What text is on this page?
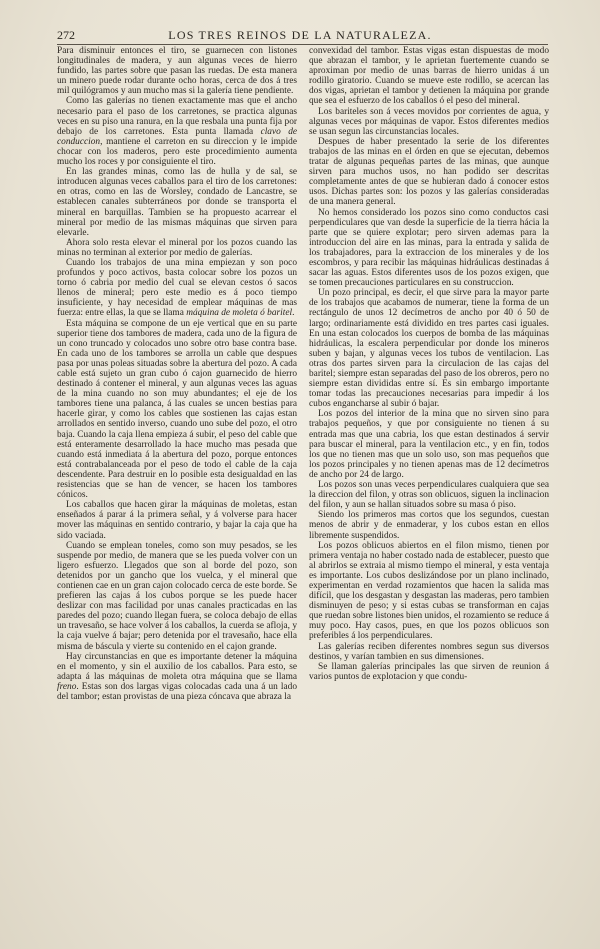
272	LOS TRES REINOS DE LA NATURALEZA.

Para disminuir entonces el tiro, se guarnecen con listones longitudinales de madera, y aun algunas veces de hierro fundido, las partes sobre que pasan las ruedas. De esta manera un minero puede rodar durante ocho horas, cerca de dos á tres mil quilógramos y aun mucho mas si la galería tiene pendiente.

Como las galerías no tienen exactamente mas que el ancho necesario para el paso de los carretones, se practica algunas veces en su piso una ranura, en la que resbala una punta fija por debajo de los carretones. Esta punta llamada clavo de conduccion, mantiene el carreton en su direccion y le impide chocar con los maderos, pero este procedimiento aumenta mucho los roces y por consiguiente el tiro.

En las grandes minas, como las de hulla y de sal, se introducen algunas veces caballos para el tiro de los carretones: en otras, como en las de Worsley, condado de Lancastre, se establecen canales subterráneos por donde se transporta el mineral en barquillas. Tambien se ha propuesto acarrear el mineral por medio de las mismas máquinas que sirven para elevarle.

Ahora solo resta elevar el mineral por los pozos cuando las minas no terminan al exterior por medio de galerías.

Cuando los trabajos de una mina empiezan y son poco profundos y poco activos, basta colocar sobre los pozos un torno ó cabria por medio del cual se elevan cestos ó sacos llenos de mineral; pero este medio es á poco tiempo insuficiente, y hay necesidad de emplear máquinas de mas fuerza: entre ellas, la que se llama máquina de moleta ó baritel.

Esta máquina se compone de un eje vertical que en su parte superior tiene dos tambores de madera, cada uno de la figura de un cono truncado y colocados uno sobre otro base contra base. En cada uno de los tambores se arrolla un cable que despues pasa por unas poleas situadas sobre la abertura del pozo. A cada cable está sujeto un gran cubo ó cajon guarnecido de hierro destinado á contener el mineral, y aun algunas veces las aguas de la mina cuando no son muy abundantes; el eje de los tambores tiene una palanca, á las cuales se uncen bestias para hacerle girar, y como los cables que sostienen las cajas estan arrollados en sentido inverso, cuando uno sube del pozo, el otro baja. Cuando la caja llena empieza á subir, el peso del cable que está enteramente desarrollado la hace mucho mas pesada que cuando está inmediata á la abertura del pozo, porque entonces está contrabalanceada por el peso de todo el cable de la caja descendente. Para destruir en lo posible esta desigualdad en las resistencias que se han de vencer, se hacen los tambores cónicos.

Los caballos que hacen girar la máquinas de moletas, estan enseñados á parar á la primera señal, y á volverse para hacer mover las máquinas en sentido contrario, y bajar la caja que ha sido vaciada.

Cuando se emplean toneles, como son muy pesados, se les suspende por medio, de manera que se les pueda volver con un ligero esfuerzo. Llegados que son al borde del pozo, son detenidos por un gancho que los vuelca, y el mineral que contienen cae en un gran cajon colocado cerca de este borde. Se prefieren las cajas á los cubos porque se les puede hacer deslizar con mas facilidad por unas canales practicadas en las paredes del pozo; cuando llegan fuera, se coloca debajo de ellas un travesaño, se hace volver á los caballos, la cuerda se afloja, y la caja vuelve á bajar; pero detenida por el travesaño, hace ella misma de báscula y vierte su contenido en el cajon grande.

Hay circunstancias en que es importante detener la máquina en el momento, y sin el auxilio de los caballos. Para esto, se adapta á las máquinas de moleta otra máquina que se llama freno. Estas son dos largas vigas colocadas cada una á un lado del tambor; estan provistas de una pieza cóncava que abraza la

convexidad del tambor. Estas vigas estan dispuestas de modo que abrazan el tambor, y le aprietan fuertemente cuando se aproximan por medio de unas barras de hierro unidas á un rodillo giratorio. Cuando se mueve este rodillo, se acercan las dos vigas, aprietan el tambor y detienen la máquina por grande que sea el esfuerzo de los caballos ó el peso del mineral.

Los bariteles son á veces movidos por corrientes de agua, y algunas veces por máquinas de vapor. Estos diferentes medios se usan segun las circunstancias locales.

Despues de haber presentado la serie de los diferentes trabajos de las minas en el órden en que se ejecutan, debemos tratar de algunas pequeñas partes de las minas, que aunque sirven para muchos usos, no han podido ser descritas completamente antes de que se hubieran dado á conocer estos usos. Dichas partes son: los pozos y las galerías consideradas de una manera general.

No hemos considerado los pozos sino como conductos casi perpendiculares que van desde la superficie de la tierra hácia la parte que se quiere explotar; pero sirven ademas para la introduccion del aire en las minas, para la entrada y salida de los trabajadores, para la extraccion de los minerales y de los escombros, y para recibir las máquinas hidráulicas destinadas á sacar las aguas. Estos diferentes usos de los pozos exigen, que se tomen precauciones particulares en su construccion.

Un pozo principal, es decir, el que sirve para la mayor parte de los trabajos que acabamos de numerar, tiene la forma de un rectángulo de unos 12 decímetros de ancho por 40 ó 50 de largo; ordinariamente está dividido en tres partes casi iguales. En una estan colocados los cuerpos de bomba de las máquinas hidráulicas, la escalera perpendicular por donde los mineros suben y bajan, y algunas veces los tubos de ventilacion. Las otras dos partes sirven para la circulacion de las cajas del baritel; siempre estan separadas del paso de los obreros, pero no siempre estan divididas entre sí. Es sin embargo importante tomar todas las precauciones necesarias para impedir á los cubos engancharse al subir ó bajar.

Los pozos del interior de la mina que no sirven sino para trabajos pequeños, y que por consiguiente no tienen á su entrada mas que una cabria, los que estan destinados á servir para buscar el mineral, para la ventilacion etc., y en fin, todos los que no tienen mas que un solo uso, son mas pequeños que los pozos principales y no tienen apenas mas de 12 decímetros de ancho por 24 de largo.

Los pozos son unas veces perpendiculares cualquiera que sea la direccion del filon, y otras son oblicuos, siguen la inclinacion del filon, y aun se hallan situados sobre su masa ó piso.

Siendo los primeros mas cortos que los segundos, cuestan menos de abrir y de enmaderar, y los cubos estan en ellos libremente suspendidos.

Los pozos oblicuos abiertos en el filon mismo, tienen por primera ventaja no haber costado nada de establecer, puesto que al abrirlos se extraia al mismo tiempo el mineral, y esta ventaja es importante. Los cubos deslizándose por un plano inclinado, experimentan en verdad rozamientos que hacen la salida mas difícil, que los desgastan y desgastan las maderas, pero tambien disminuyen de peso; y si estas cubas se transforman en cajas que ruedan sobre listones bien unidos, el rozamiento se reduce á muy poco. Hay casos, pues, en que los pozos oblicuos son preferibles á los perpendiculares.

Las galerías reciben diferentes nombres segun sus diversos destinos, y varían tambien en sus dimensiones.

Se llaman galerías principales las que sirven de reunion á varios puntos de explotacion y que condu-
